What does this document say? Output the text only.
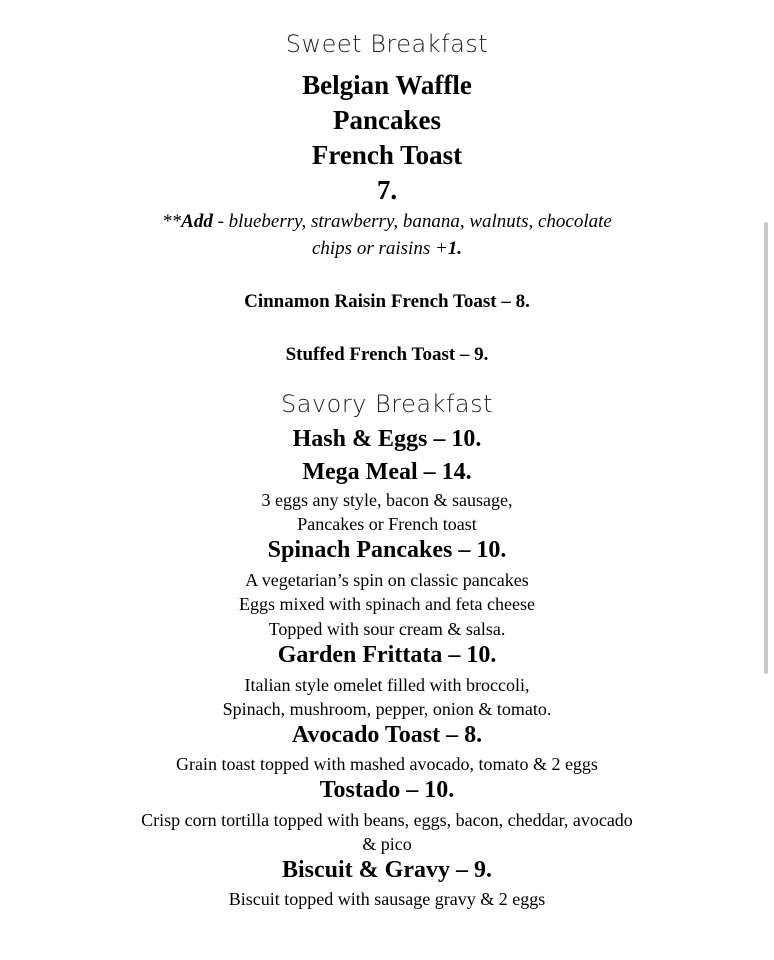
Sweet Breakfast
Belgian Waffle
Pancakes
French Toast
7.
**Add - blueberry, strawberry, banana, walnuts, chocolate
chips or raisins +1.
Cinnamon Raisin French Toast – 8.
Stuffed French Toast – 9.
Savory Breakfast
Hash & Eggs – 10.
Mega Meal – 14.
3 eggs any style, bacon & sausage,
Pancakes or French toast
Spinach Pancakes – 10.
A vegetarian’s spin on classic pancakes
Eggs mixed with spinach and feta cheese
Topped with sour cream & salsa.
Garden Frittata – 10.
Italian style omelet filled with broccoli,
Spinach, mushroom, pepper, onion & tomato.
Avocado Toast – 8.
Grain toast topped with mashed avocado, tomato & 2 eggs
Tostado – 10.
Crisp corn tortilla topped with beans, eggs, bacon, cheddar, avocado
& pico
Biscuit & Gravy – 9.
Biscuit topped with sausage gravy & 2 eggs
